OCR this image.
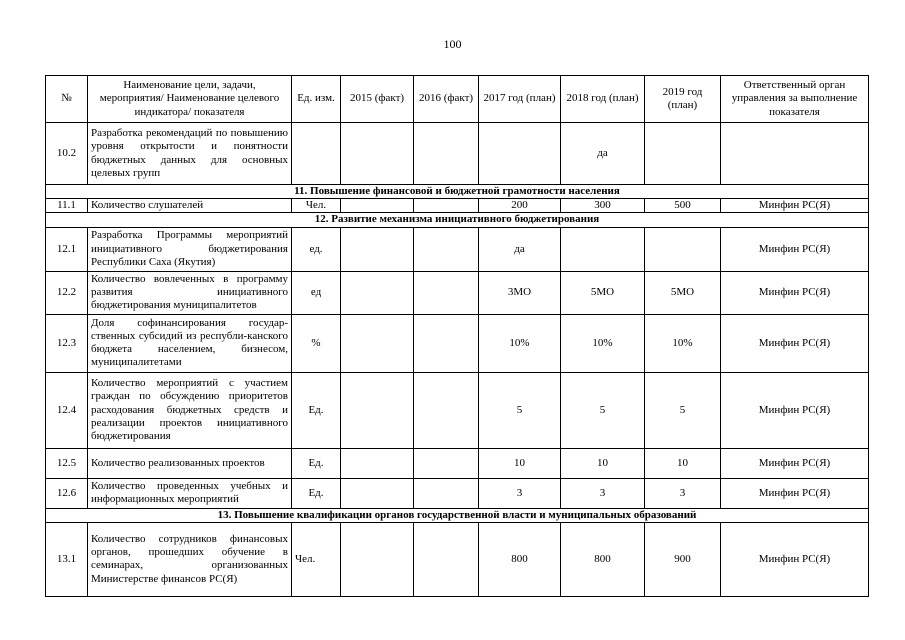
100
№	Наименование цели, задачи, мероприятия/ Наименование целевого индикатора/ показателя	Ед. изм.	2015 (факт)	2016 (факт)	2017 год (план)	2018 год (план)	2019 год (план)	Ответственный орган управления за выполнение показателя
10.2	Разработка рекомендаций по повышению уровня открытости и понятности бюджетных данных для основных целевых групп					да		
11. Повышение финансовой и бюджетной грамотности населения								
11.1	Количество слушателей	Чел.			200	300	500	Минфин РС(Я)
12. Развитие механизма инициативного бюджетирования								
12.1	Разработка Программы мероприятий инициативного бюджетирования Республики Саха (Якутия)	ед.			да			Минфин РС(Я)
12.2	Количество вовлеченных в программу развития инициативного бюджетирования муниципалитетов	ед			3МО	5МО	5МО	Минфин РС(Я)
12.3	Доля софинансирования государ-ственных субсидий из республи-канского бюджета населением, бизнесом, муниципалитетами	%			10%	10%	10%	Минфин РС(Я)
12.4	Количество мероприятий с участием граждан по обсуждению приоритетов расходования бюджетных средств и реализации проектов инициативного бюджетирования	Ед.			5	5	5	Минфин РС(Я)
12.5	Количество реализованных проектов	Ед.			10	10	10	Минфин РС(Я)
12.6	Количество проведенных учебных и информационных мероприятий	Ед.			3	3	3	Минфин РС(Я)
13. Повышение квалификации органов государственной власти и муниципальных образований								
13.1	Количество сотрудников финансовых органов, прошедших обучение в семинарах, организованных Министерстве финансов РС(Я)	Чел.			800	800	900	Минфин РС(Я)
